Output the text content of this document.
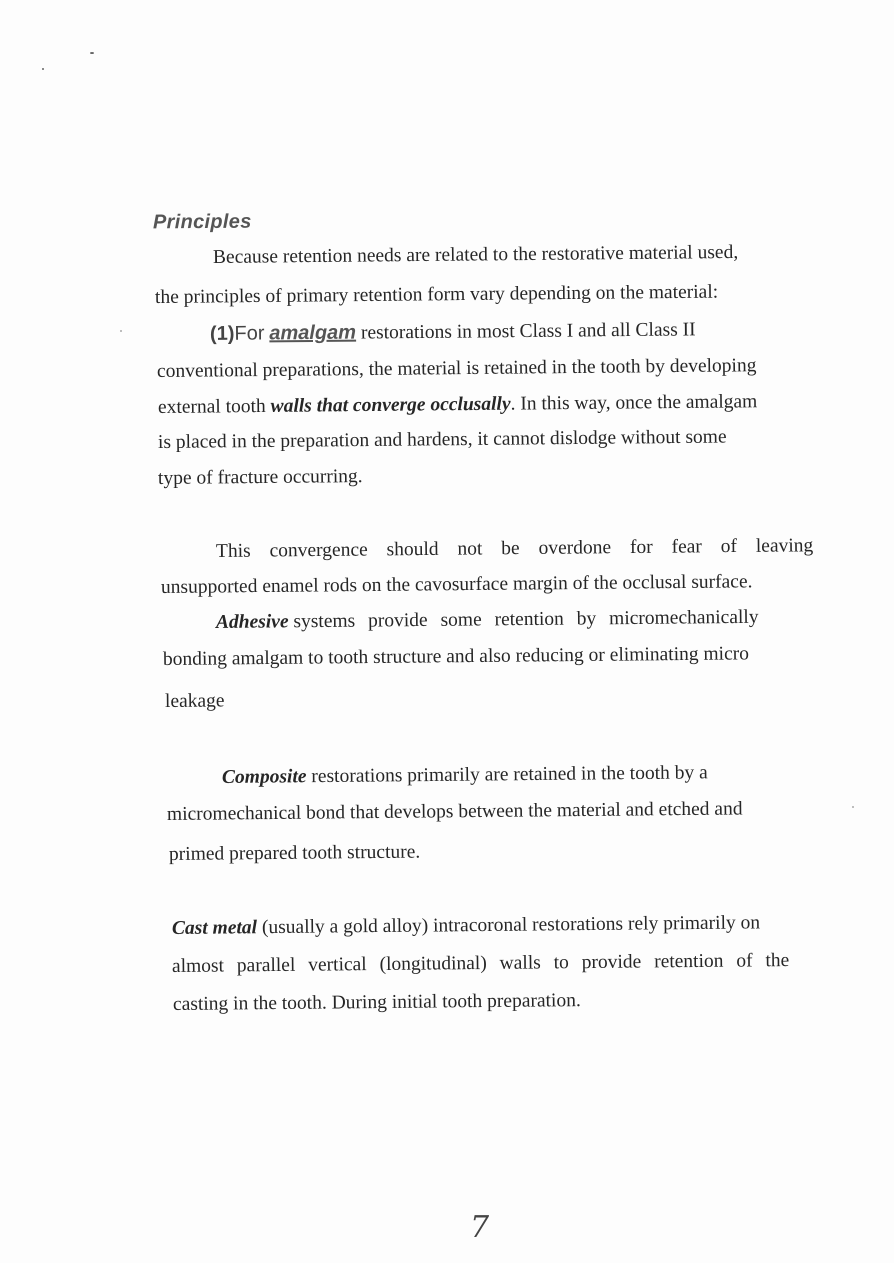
Principles
Because retention needs are related to the restorative material used,
the principles of primary retention form vary depending on the material:
(1)For amalgam restorations in most Class I and all Class II
conventional preparations, the material is retained in the tooth by developing
external tooth walls that converge occlusally. In this way, once the amalgam
is placed in the preparation and hardens, it cannot dislodge without some
type of fracture occurring.
This convergence should not be overdone for fear of leaving
unsupported enamel rods on the cavosurface margin of the occlusal surface.
Adhesive systems provide some retention by micromechanically
bonding amalgam to tooth structure and also reducing or eliminating micro
leakage
Composite restorations primarily are retained in the tooth by a
micromechanical bond that develops between the material and etched and
primed prepared tooth structure.
Cast metal (usually a gold alloy) intracoronal restorations rely primarily on
almost parallel vertical (longitudinal) walls to provide retention of the
casting in the tooth. During initial tooth preparation.
7
